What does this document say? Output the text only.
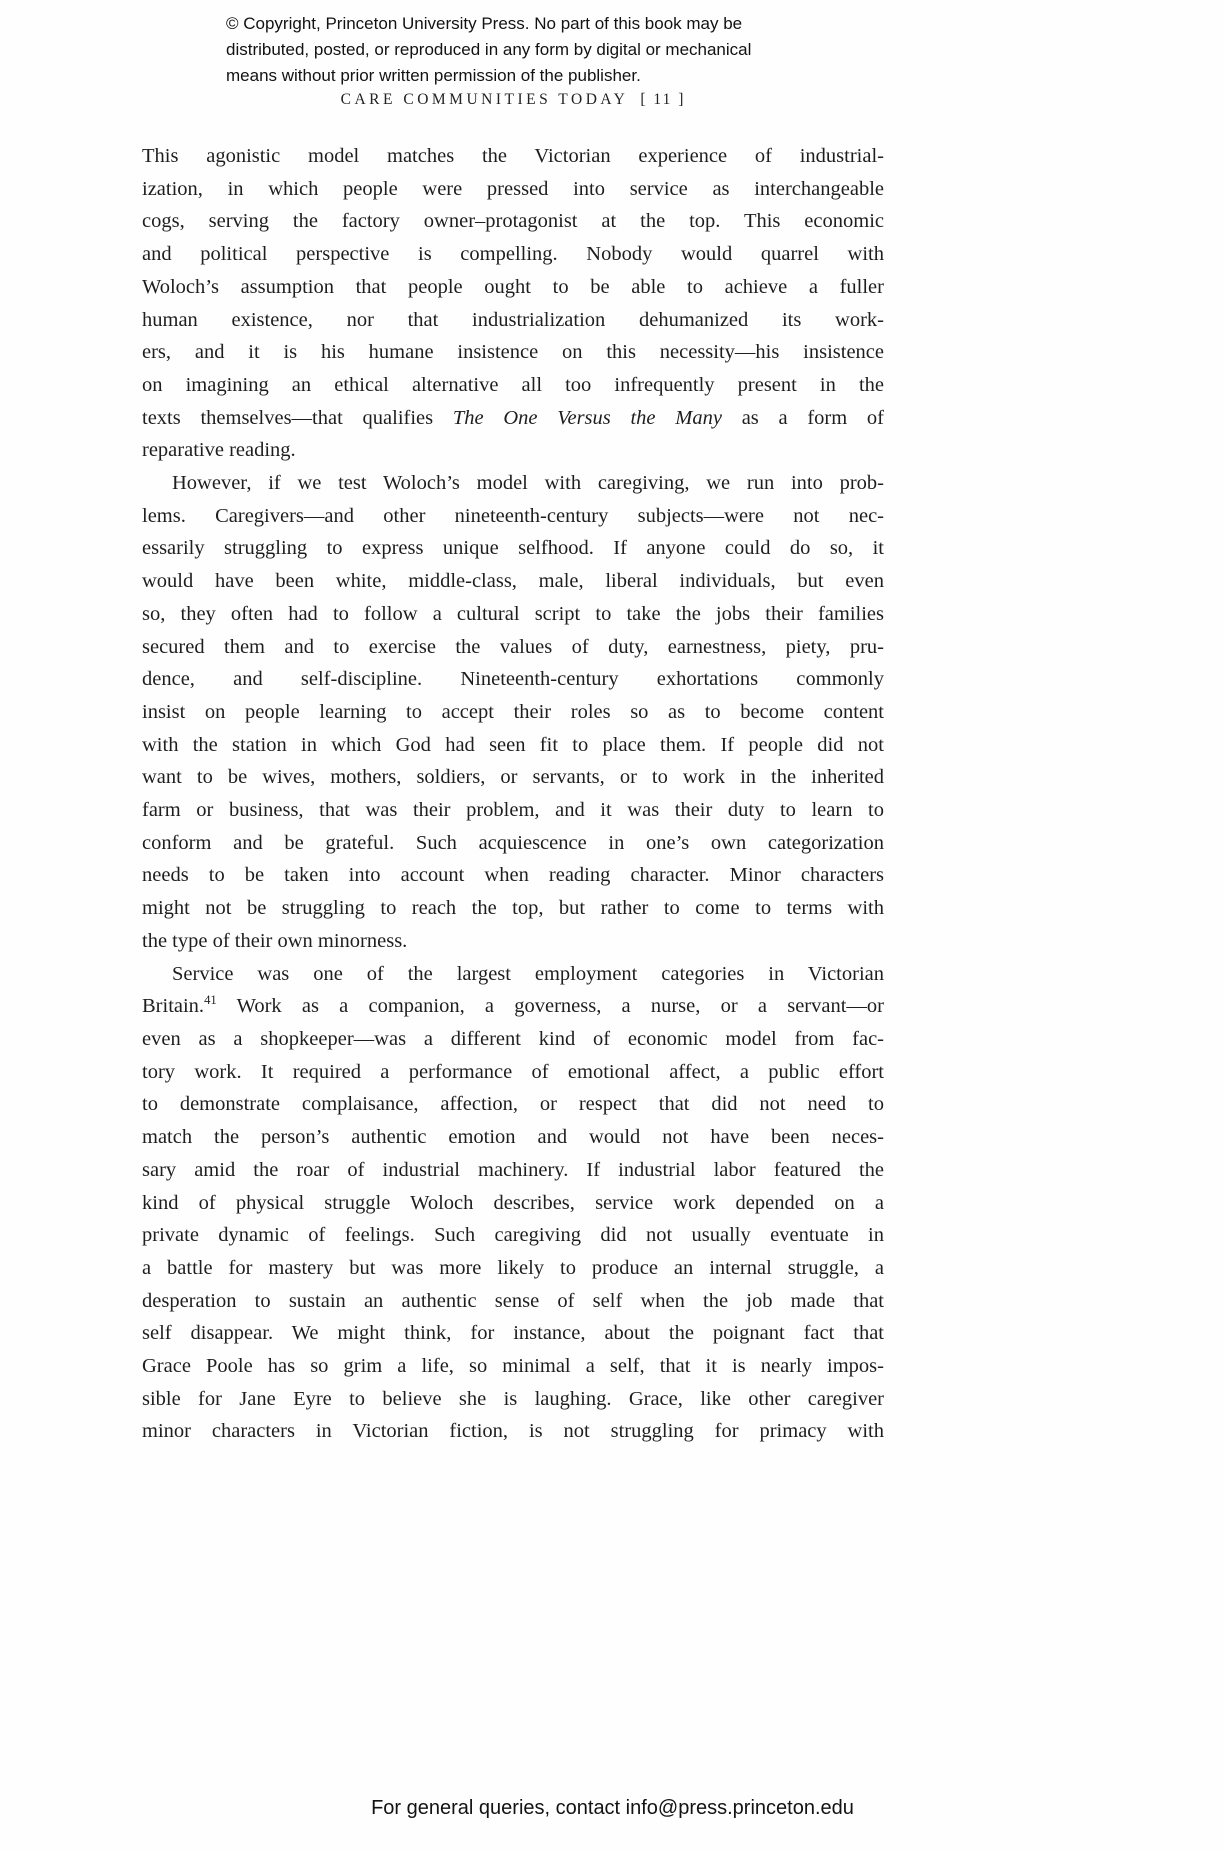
© Copyright, Princeton University Press. No part of this book may be
distributed, posted, or reproduced in any form by digital or mechanical
means without prior written permission of the publisher.
CARE COMMUNITIES TODAY [ 11 ]
This agonistic model matches the Victorian experience of industrial-
ization, in which people were pressed into service as interchangeable
cogs, serving the factory owner–protagonist at the top. This economic
and political perspective is compelling. Nobody would quarrel with
Woloch’s assumption that people ought to be able to achieve a fuller
human existence, nor that industrialization dehumanized its work-
ers, and it is his humane insistence on this necessity—his insistence
on imagining an ethical alternative all too infrequently present in the
texts themselves—that qualifies The One Versus the Many as a form of
reparative reading.
However, if we test Woloch’s model with caregiving, we run into prob-
lems. Caregivers—and other nineteenth-century subjects—were not nec-
essarily struggling to express unique selfhood. If anyone could do so, it
would have been white, middle-class, male, liberal individuals, but even
so, they often had to follow a cultural script to take the jobs their families
secured them and to exercise the values of duty, earnestness, piety, pru-
dence, and self-discipline. Nineteenth-century exhortations commonly
insist on people learning to accept their roles so as to become content
with the station in which God had seen fit to place them. If people did not
want to be wives, mothers, soldiers, or servants, or to work in the inherited
farm or business, that was their problem, and it was their duty to learn to
conform and be grateful. Such acquiescence in one’s own categorization
needs to be taken into account when reading character. Minor characters
might not be struggling to reach the top, but rather to come to terms with
the type of their own minorness.
Service was one of the largest employment categories in Victorian
Britain.$^{41}$ Work as a companion, a governess, a nurse, or a servant—or
even as a shopkeeper—was a different kind of economic model from fac-
tory work. It required a performance of emotional affect, a public effort
to demonstrate complaisance, affection, or respect that did not need to
match the person’s authentic emotion and would not have been neces-
sary amid the roar of industrial machinery. If industrial labor featured the
kind of physical struggle Woloch describes, service work depended on a
private dynamic of feelings. Such caregiving did not usually eventuate in
a battle for mastery but was more likely to produce an internal struggle, a
desperation to sustain an authentic sense of self when the job made that
self disappear. We might think, for instance, about the poignant fact that
Grace Poole has so grim a life, so minimal a self, that it is nearly impos-
sible for Jane Eyre to believe she is laughing. Grace, like other caregiver
minor characters in Victorian fiction, is not struggling for primacy with
For general queries, contact info@press.princeton.edu
